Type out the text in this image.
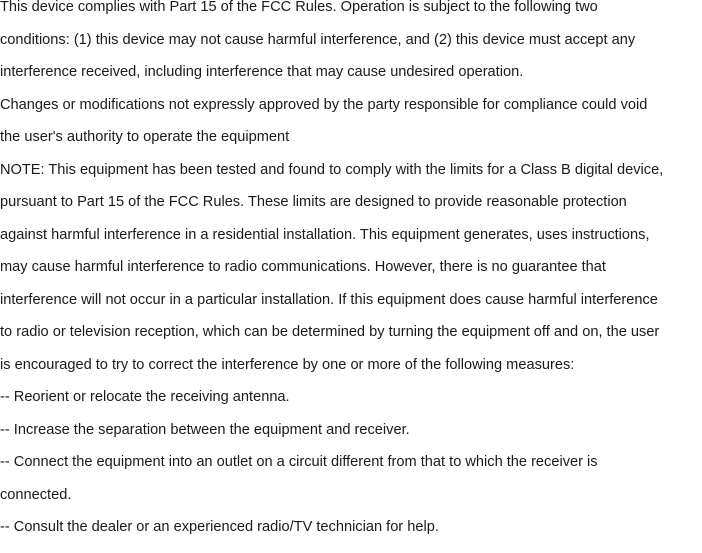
This device complies with Part 15 of the FCC Rules. Operation is subject to the following two
conditions: (1) this device may not cause harmful interference, and (2) this device must accept any
interference received, including interference that may cause undesired operation.
Changes or modifications not expressly approved by the party responsible for compliance could void
the user's authority to operate the equipment
NOTE: This equipment has been tested and found to comply with the limits for a Class B digital device,
pursuant to Part 15 of the FCC Rules. These limits are designed to provide reasonable protection
against harmful interference in a residential installation. This equipment generates, uses instructions,
may cause harmful interference to radio communications. However, there is no guarantee that
interference will not occur in a particular installation. If this equipment does cause harmful interference
to radio or television reception, which can be determined by turning the equipment off and on, the user
is encouraged to try to correct the interference by one or more of the following measures:
-- Reorient or relocate the receiving antenna.
-- Increase the separation between the equipment and receiver.
-- Connect the equipment into an outlet on a circuit different from that to which the receiver is
connected.
-- Consult the dealer or an experienced radio/TV technician for help.
